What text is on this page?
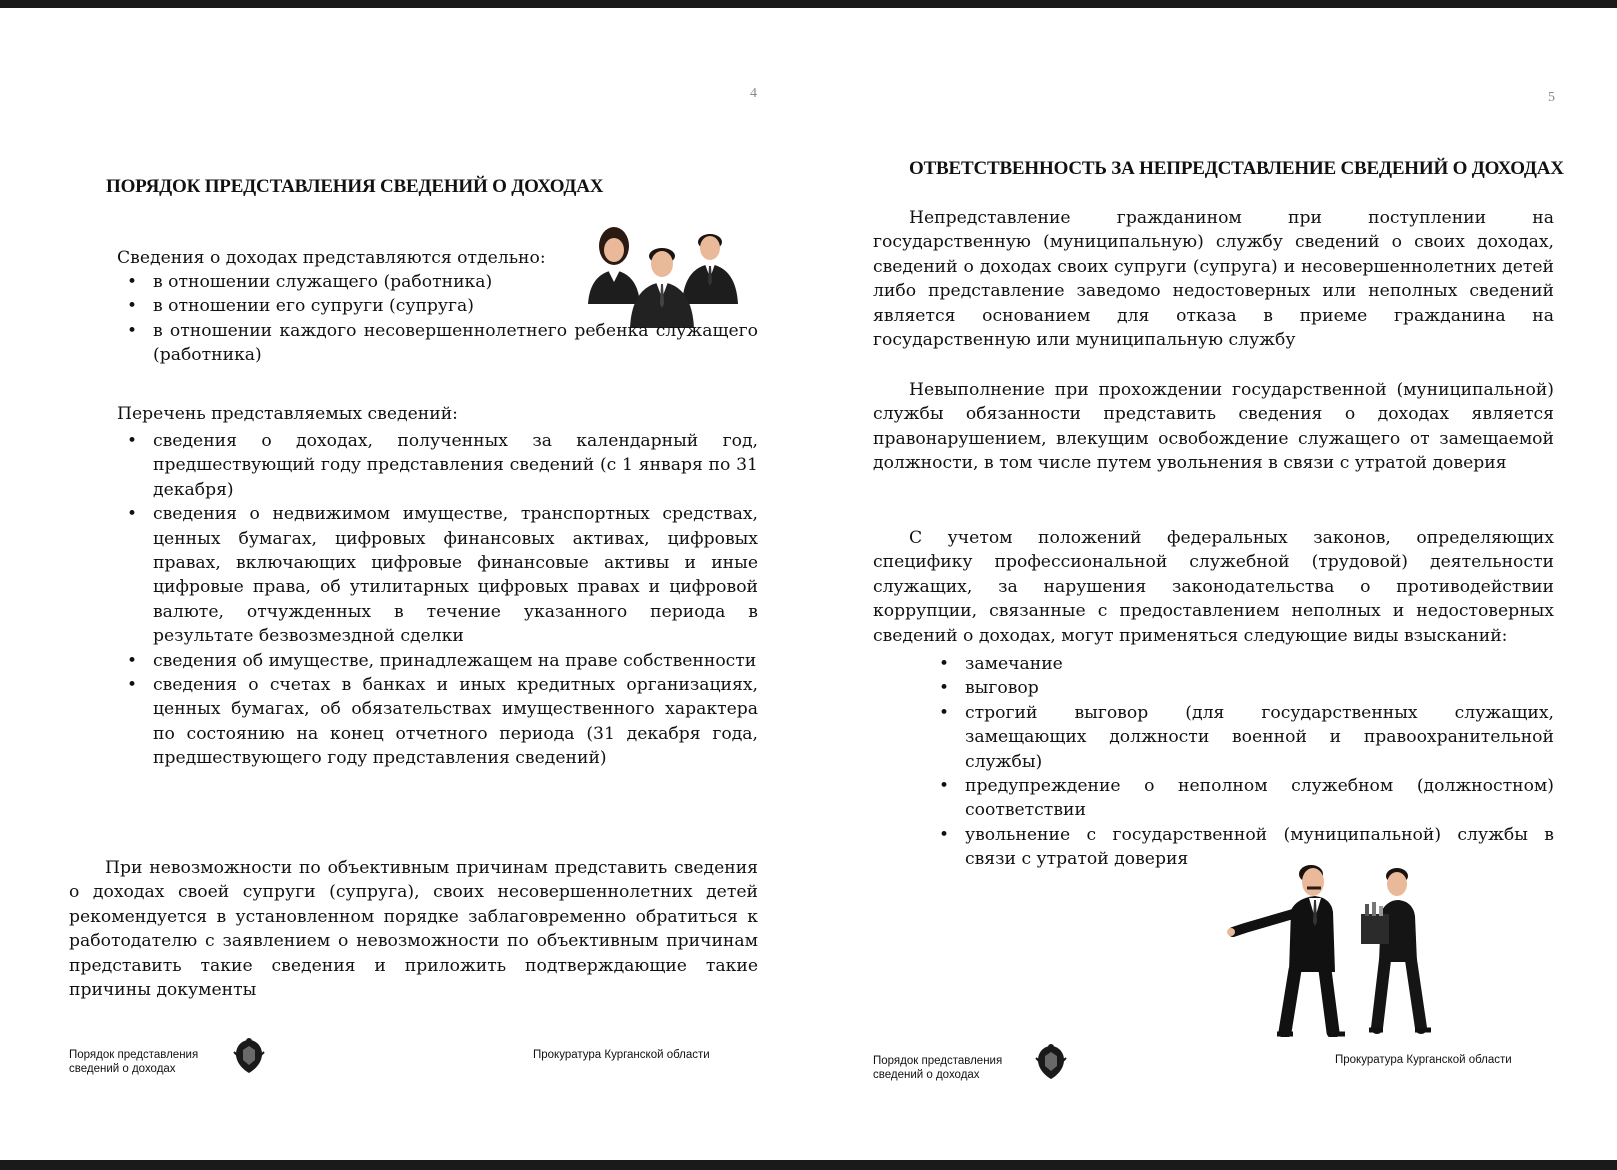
4
ПОРЯДОК ПРЕДСТАВЛЕНИЯ СВЕДЕНИЙ О ДОХОДАХ
Сведения о доходах представляются отдельно:
• в отношении служащего (работника)
• в отношении его супруги (супруга)
• в отношении каждого несовершеннолетнего ребенка служащего (работника)
Перечень представляемых сведений:
• сведения о доходах, полученных за календарный год, предшествующий году представления сведений (с 1 января по 31 декабря)
• сведения о недвижимом имуществе, транспортных средствах, ценных бумагах, цифровых финансовых активах, цифровых правах, включающих цифровые финансовые активы и иные цифровые права, об утилитарных цифровых правах и цифровой валюте, отчужденных в течение указанного периода в результате безвозмездной сделки
• сведения об имуществе, принадлежащем на праве собственности
• сведения о счетах в банках и иных кредитных организациях, ценных бумагах, об обязательствах имущественного характера по состоянию на конец отчетного периода (31 декабря года, предшествующего году представления сведений)

При невозможности по объективным причинам представить сведения о доходах своей супруги (супруга), своих несовершеннолетних детей рекомендуется в установленном порядке заблаговременно обратиться к работодателю с заявлением о невозможности по объективным причинам представить такие сведения и приложить подтверждающие такие причины документы

Порядок представления сведений о доходах
Прокуратура Курганской области
5
ОТВЕТСТВЕННОСТЬ ЗА НЕПРЕДСТАВЛЕНИЕ СВЕДЕНИЙ О ДОХОДАХ

Непредставление гражданином при поступлении на государственную (муниципальную) службу сведений о своих доходах, сведений о доходах своих супруги (супруга) и несовершеннолетних детей либо представление заведомо недостоверных или неполных сведений является основанием для отказа в приеме гражданина на государственную или муниципальную службу

Невыполнение при прохождении государственной (муниципальной) службы обязанности представить сведения о доходах является правонарушением, влекущим освобождение служащего от замещаемой должности, в том числе путем увольнения в связи с утратой доверия

С учетом положений федеральных законов, определяющих специфику профессиональной служебной (трудовой) деятельности служащих, за нарушения законодательства о противодействии коррупции, связанные с предоставлением неполных и недостоверных сведений о доходах, могут применяться следующие виды взысканий:

• замечание
• выговор
• строгий выговор (для государственных служащих, замещающих должности военной и правоохранительной службы)
• предупреждение о неполном служебном (должностном) соответствии
• увольнение с государственной (муниципальной) службы в связи с утратой доверия
Порядок представления сведений о доходах
Прокуратура Курганской области
